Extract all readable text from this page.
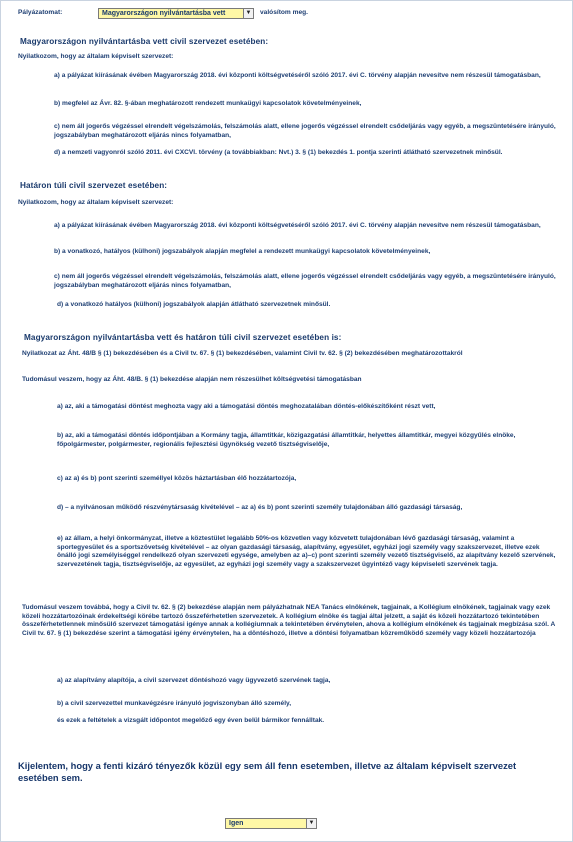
Pályázatomat:	Magyarországon nyilvántartásba vett	▼ valósítom meg.
Magyarországon nyilvántartásba vett civil szervezet esetében:
Nyilatkozom, hogy az általam képviselt szervezet:
a) a pályázat kiírásának évében Magyarország 2018. évi központi költségvetéséről szóló 2017. évi C. törvény alapján nevesítve nem részesül támogatásban,
b) megfelel az Ávr. 82. §-ában meghatározott rendezett munkaügyi kapcsolatok követelményeinek,
c) nem áll jogerős végzéssel elrendelt végelszámolás, felszámolás alatt, ellene jogerős végzéssel elrendelt csődeljárás vagy egyéb, a megszüntetésére irányuló, jogszabályban meghatározott eljárás nincs folyamatban,
d) a nemzeti vagyonról szóló 2011. évi CXCVI. törvény (a továbbiakban: Nvt.) 3. § (1) bekezdés 1. pontja szerinti átlátható szervezetnek minősül.
Határon túli civil szervezet esetében:
Nyilatkozom, hogy az általam képviselt szervezet:
a) a pályázat kiírásának évében Magyarország 2018. évi központi költségvetéséről szóló 2017. évi C. törvény alapján nevesítve nem részesül támogatásban,
b) a vonatkozó, hatályos (külhoni) jogszabályok alapján megfelel a rendezett munkaügyi kapcsolatok követelményeinek,
c) nem áll jogerős végzéssel elrendelt végelszámolás, felszámolás alatt, ellene jogerős végzéssel elrendelt csődeljárás vagy egyéb, a megszüntetésére irányuló, jogszabályban meghatározott eljárás nincs folyamatban,
d) a vonatkozó hatályos (külhoni) jogszabályok alapján átlátható szervezetnek minősül.
Magyarországon nyilvántartásba vett és határon túli civil szervezet esetében is:
Nyilatkozat az Áht. 48/B § (1) bekezdésében és a Civil tv. 67. § (1) bekezdésében, valamint Civil tv. 62. § (2) bekezdésében meghatározottakról
Tudomásul veszem, hogy az Áht. 48/B. § (1) bekezdése alapján nem részesülhet költségvetési támogatásban
a) az, aki a támogatási döntést meghozta vagy aki a támogatási döntés meghozatalában döntés-előkészítőként részt vett,
b) az, aki a támogatási döntés időpontjában a Kormány tagja, államtitkár, közigazgatási államtitkár, helyettes államtitkár, megyei közgyűlés elnöke, főpolgármester, polgármester, regionális fejlesztési ügynökség vezető tisztségviselője,
c) az a) és b) pont szerinti személlyel közös háztartásban élő hozzátartozója,
d) – a nyilvánosan működő részvénytársaság kivételével – az a) és b) pont szerinti személy tulajdonában álló gazdasági társaság,
e) az állam, a helyi önkormányzat, illetve a köztestület legalább 50%-os közvetlen vagy közvetett tulajdonában lévő gazdasági társaság, valamint a sportegyesület és a sportszövetség kivételével – az olyan gazdasági társaság, alapítvány, egyesület, egyházi jogi személy vagy szakszervezet, illetve ezek önálló jogi személyiséggel rendelkező olyan szervezeti egysége, amelyben az a)–c) pont szerinti személy vezető tisztségviselő, az alapítvány kezelő szervének, szervezetének tagja, tisztségviselője, az egyesület, az egyházi jogi személy vagy a szakszervezet ügyintéző vagy képviseleti szervének tagja.
Tudomásul veszem továbbá, hogy a Civil tv. 62. § (2) bekezdése alapján nem pályázhatnak NEA Tanács elnökének, tagjainak, a Kollégium elnökének, tagjainak vagy ezek közeli hozzátartozóinak érdekeltségi körébe tartozó összeférhetetlen szervezetek. A kollégium elnöke és tagjai által jelzett, a saját és közeli hozzátartozó tekintetében összeférhetetlennek minősülő szervezet támogatási igénye annak a kollégiumnak a tekintetében érvénytelen, ahova a kollégium elnökének és tagjainak megbízása szól. A Civil tv. 67. § (1) bekezdése szerint a támogatási igény érvénytelen, ha a döntéshozó, illetve a döntési folyamatban közreműködő személy vagy közeli hozzátartozója
a) az alapítvány alapítója, a civil szervezet döntéshozó vagy ügyvezető szervének tagja,
b) a civil szervezettel munkavégzésre irányuló jogviszonyban álló személy,
és ezek a feltételek a vizsgált időpontot megelőző egy éven belül bármikor fennálltak.
Kijelentem, hogy a fenti kizáró tényezők közül egy sem áll fenn esetemben, illetve az általam képviselt szervezet esetében sem.
Igen	▼
